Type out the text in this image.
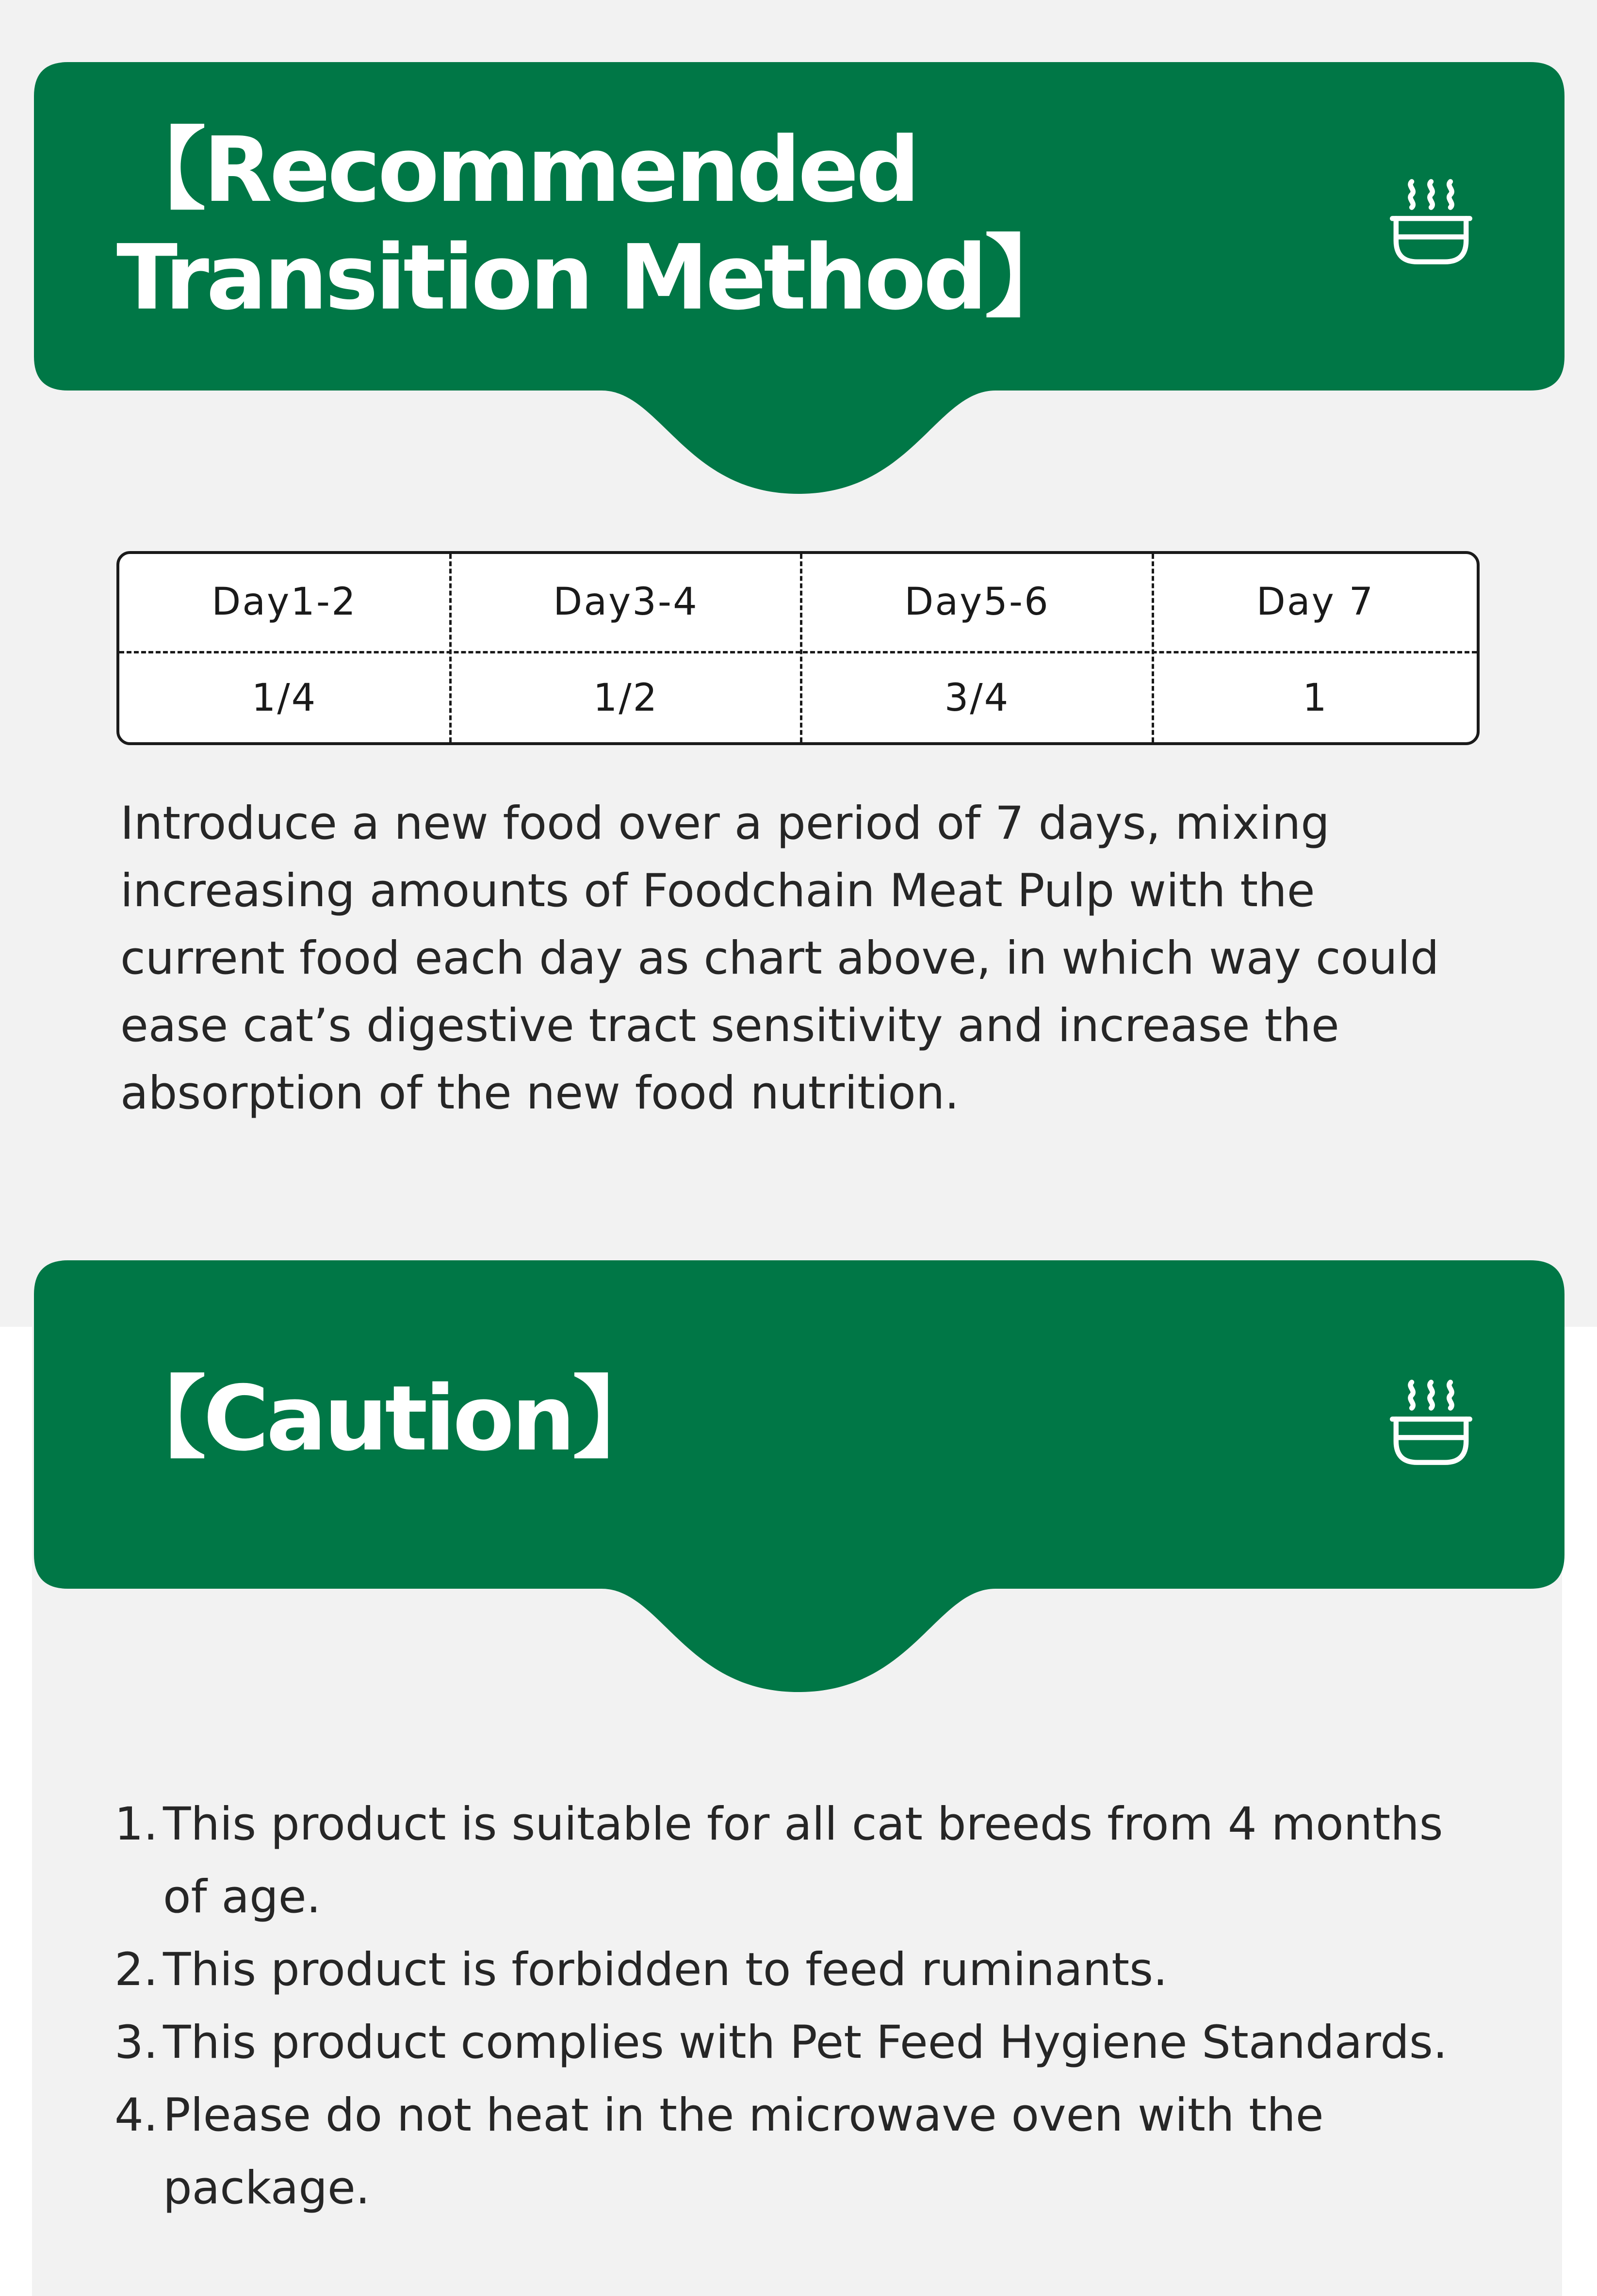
【Recommended
Transition Method】
Day1-2	Day3-4	Day5-6	Day 7
1/4	1/2	3/4	1

Introduce a new food over a period of 7 days, mixing increasing amounts of Foodchain Meat Pulp with the current food each day as chart above, in which way could ease cat’s digestive tract sensitivity and increase the absorption of the new food nutrition.

【Caution】
1. This product is suitable for all cat breeds from 4 months of age.
2. This product is forbidden to feed ruminants.
3. This product complies with Pet Feed Hygiene Standards.
4. Please do not heat in the microwave oven with the package.
